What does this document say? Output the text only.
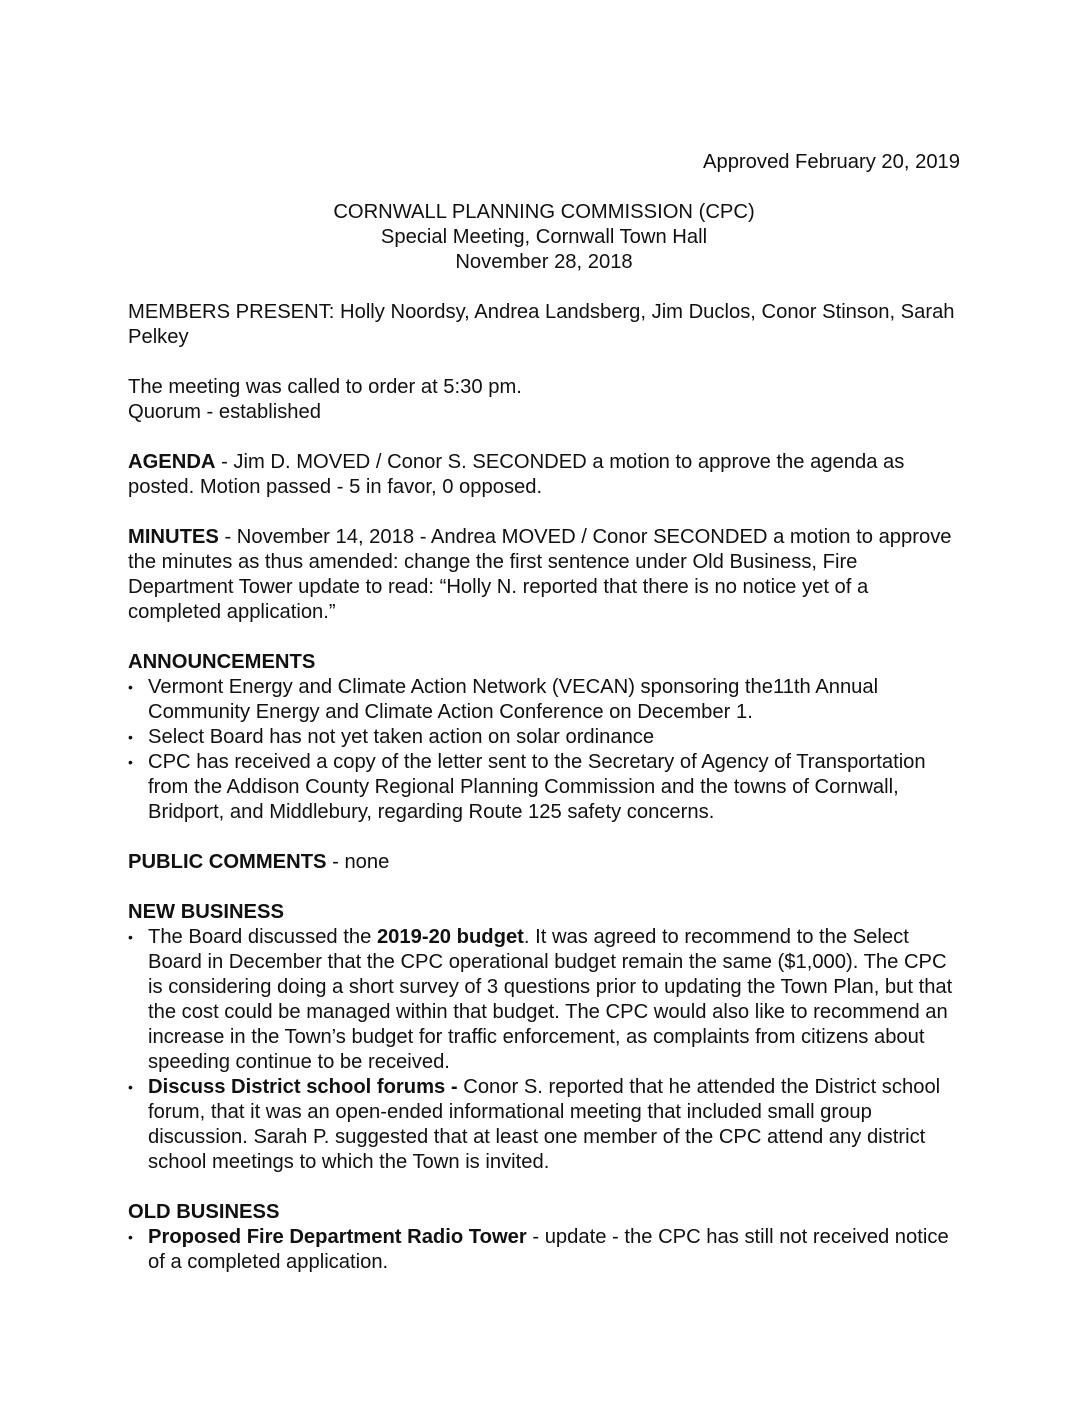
Approved February 20, 2019

CORNWALL PLANNING COMMISSION (CPC)
Special Meeting, Cornwall Town Hall
November 28, 2018

MEMBERS PRESENT: Holly Noordsy, Andrea Landsberg, Jim Duclos, Conor Stinson, Sarah Pelkey

The meeting was called to order at 5:30 pm.

Quorum - established

AGENDA - Jim D. MOVED / Conor S. SECONDED a motion to approve the agenda as posted. Motion passed - 5 in favor, 0 opposed.

MINUTES - November 14, 2018 - Andrea MOVED / Conor SECONDED a motion to approve the minutes as thus amended: change the first sentence under Old Business, Fire Department Tower update to read: “Holly N. reported that there is no notice yet of a completed application.”

ANNOUNCEMENTS

• Vermont Energy and Climate Action Network (VECAN) sponsoring the11th Annual Community Energy and Climate Action Conference on December 1.
• Select Board has not yet taken action on solar ordinance
• CPC has received a copy of the letter sent to the Secretary of Agency of Transportation from the Addison County Regional Planning Commission and the towns of Cornwall, Bridport, and Middlebury, regarding Route 125 safety concerns.

PUBLIC COMMENTS - none

NEW BUSINESS

• The Board discussed the 2019-20 budget. It was agreed to recommend to the Select Board in December that the CPC operational budget remain the same ($1,000). The CPC is considering doing a short survey of 3 questions prior to updating the Town Plan, but that the cost could be managed within that budget. The CPC would also like to recommend an increase in the Town’s budget for traffic enforcement, as complaints from citizens about speeding continue to be received.
• Discuss District school forums - Conor S. reported that he attended the District school forum, that it was an open-ended informational meeting that included small group discussion. Sarah P. suggested that at least one member of the CPC attend any district school meetings to which the Town is invited.

OLD BUSINESS

• Proposed Fire Department Radio Tower - update - the CPC has still not received notice of a completed application.
